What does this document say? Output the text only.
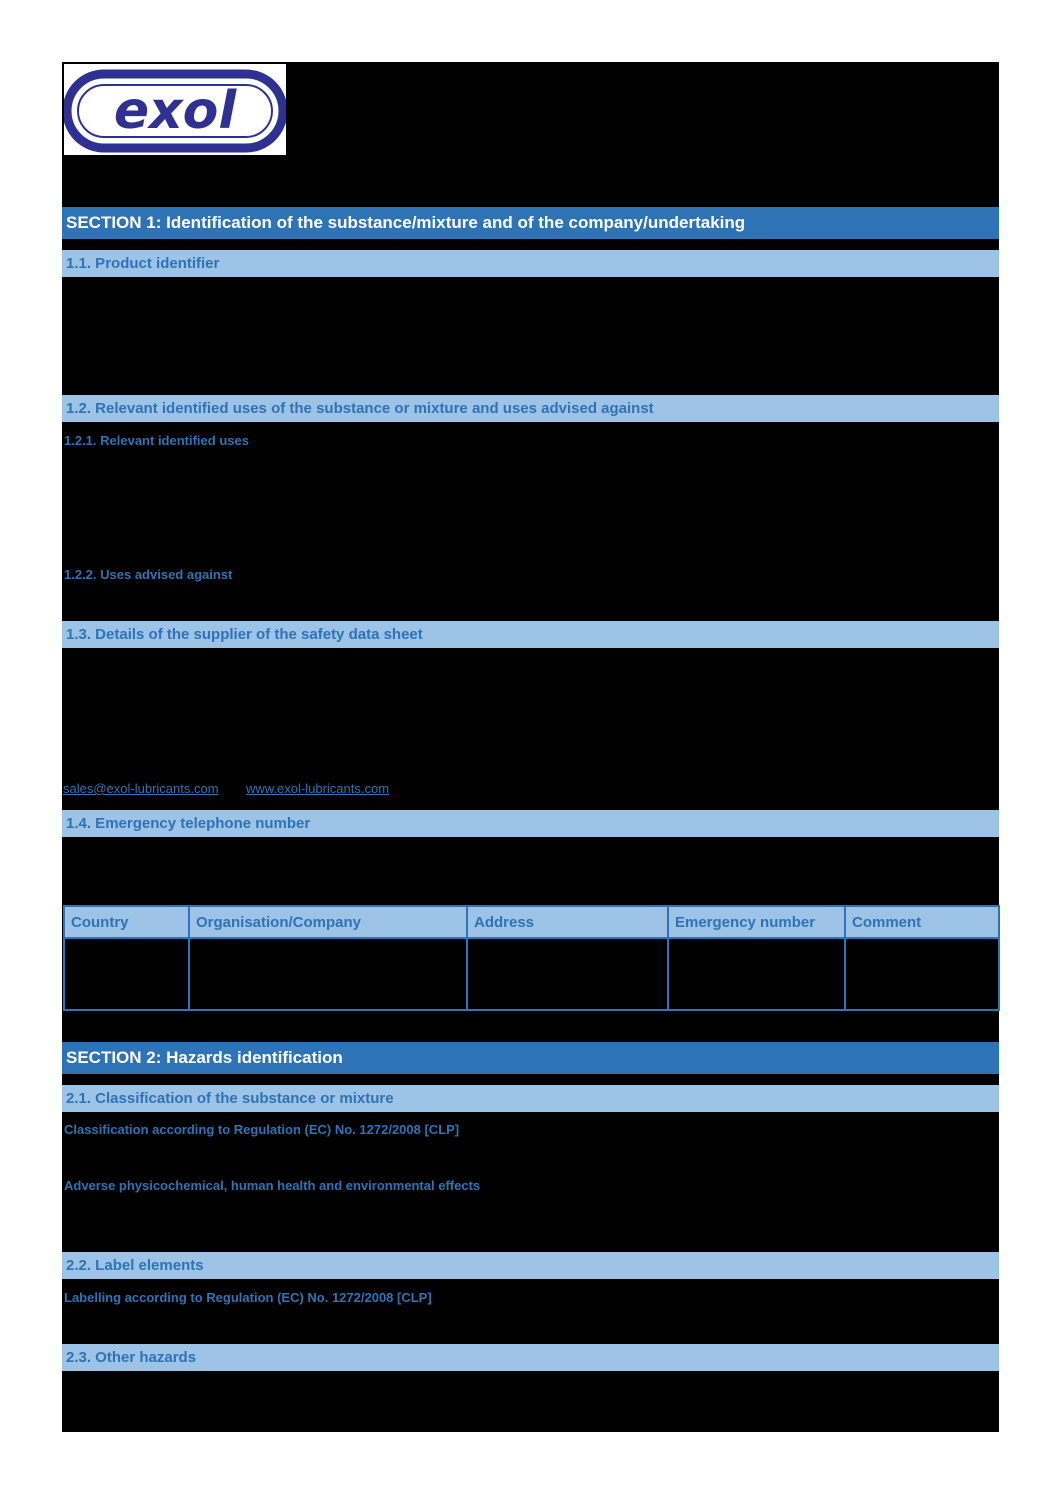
exol
SECTION 1: Identification of the substance/mixture and of the company/undertaking
1.1. Product identifier
1.2. Relevant identified uses of the substance or mixture and uses advised against
1.2.1. Relevant identified uses
1.2.2. Uses advised against
1.3. Details of the supplier of the safety data sheet
sales@exol-lubricants.com www.exol-lubricants.com
1.4. Emergency telephone number
Country	Organisation/Company	Address	Emergency number	Comment

SECTION 2: Hazards identification
2.1. Classification of the substance or mixture
Classification according to Regulation (EC) No. 1272/2008 [CLP]
Adverse physicochemical, human health and environmental effects
2.2. Label elements
Labelling according to Regulation (EC) No. 1272/2008 [CLP]
2.3. Other hazards
